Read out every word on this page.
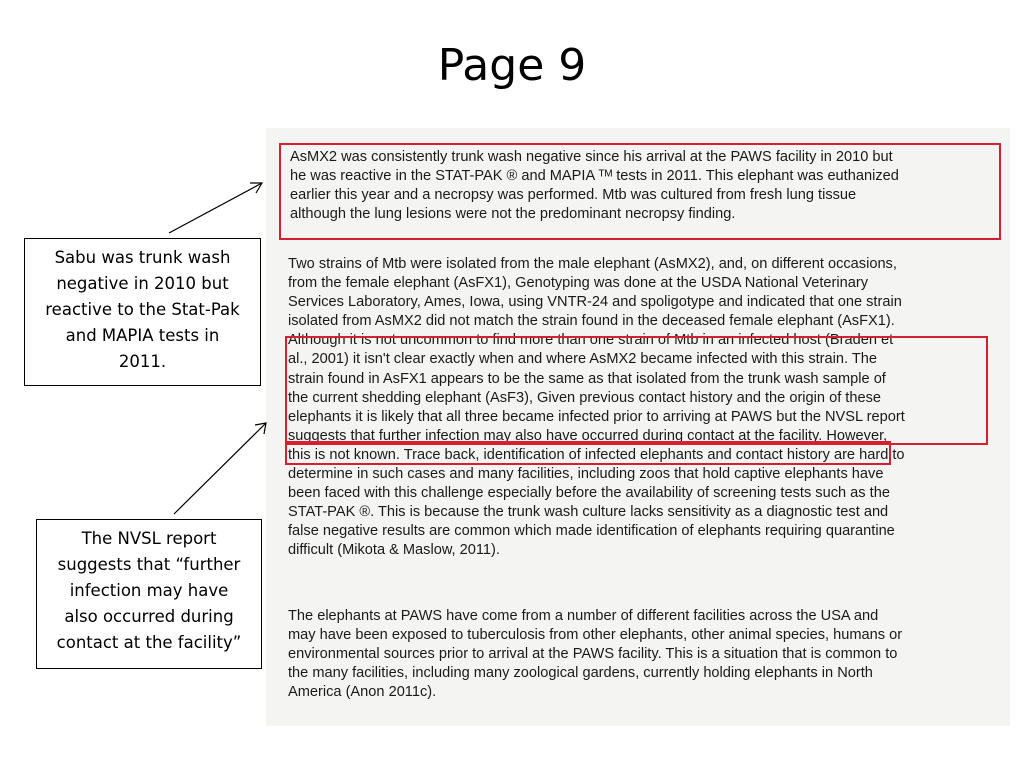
Page 9
Sabu was trunk wash
negative in 2010 but
reactive to the Stat-Pak
and MAPIA tests in
2011.
The NVSL report
suggests that “further
infection may have
also occurred during
contact at the facility”
AsMX2 was consistently trunk wash negative since his arrival at the PAWS facility in 2010 but
he was reactive in the STAT-PAK ® and MAPIA ᵀᴹ tests in 2011. This elephant was euthanized
earlier this year and a necropsy was performed. Mtb was cultured from fresh lung tissue
although the lung lesions were not the predominant necropsy finding.
Two strains of Mtb were isolated from the male elephant (AsMX2), and, on different occasions,
from the female elephant (AsFX1), Genotyping was done at the USDA National Veterinary
Services Laboratory, Ames, Iowa, using VNTR-24 and spoligotype and indicated that one strain
isolated from AsMX2 did not match the strain found in the deceased female elephant (AsFX1).
Although it is not uncommon to find more than one strain of Mtb in an infected host (Braden et
al., 2001) it isn't clear exactly when and where AsMX2 became infected with this strain. The
strain found in AsFX1 appears to be the same as that isolated from the trunk wash sample of
the current shedding elephant (AsF3), Given previous contact history and the origin of these
elephants it is likely that all three became infected prior to arriving at PAWS but the NVSL report
suggests that further infection may also have occurred during contact at the facility. However,
this is not known. Trace back, identification of infected elephants and contact history are hard to
determine in such cases and many facilities, including zoos that hold captive elephants have
been faced with this challenge especially before the availability of screening tests such as the
STAT-PAK ®. This is because the trunk wash culture lacks sensitivity as a diagnostic test and
false negative results are common which made identification of elephants requiring quarantine
difficult (Mikota & Maslow, 2011).
The elephants at PAWS have come from a number of different facilities across the USA and
may have been exposed to tuberculosis from other elephants, other animal species, humans or
environmental sources prior to arrival at the PAWS facility. This is a situation that is common to
the many facilities, including many zoological gardens, currently holding elephants in North
America (Anon 2011c).
